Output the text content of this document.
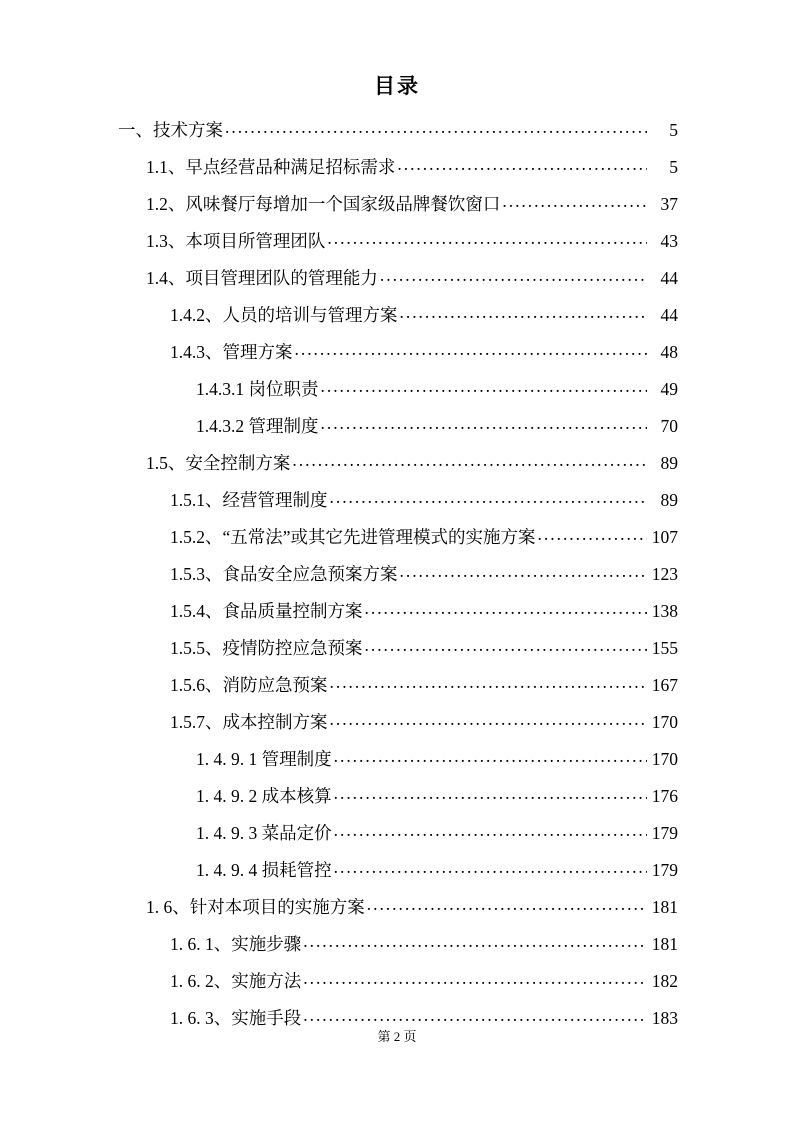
目录
一、技术方案 . . .	5
1.1、早点经营品种满足招标需求 . . .	5
1.2、风味餐厅每增加一个国家级品牌餐饮窗口 . . .	37
1.3、本项目所管理团队 . . .	43
1.4、项目管理团队的管理能力 . . .	44
1.4.2、人员的培训与管理方案 . . .	44
1.4.3、管理方案 . . .	48
1.4.3.1 岗位职责 . . .	49
1.4.3.2 管理制度 . . .	70
1.5、安全控制方案 . . .	89
1.5.1、经营管理制度 . . .	89
1.5.2、“五常法”或其它先进管理模式的实施方案 . . .	107
1.5.3、食品安全应急预案方案 . . .	123
1.5.4、食品质量控制方案 . . .	138
1.5.5、疫情防控应急预案 . . .	155
1.5.6、消防应急预案 . . .	167
1.5.7、成本控制方案 . . .	170
1. 4. 9. 1 管理制度 . . .	170
1. 4. 9. 2 成本核算 . . .	176
1. 4. 9. 3 菜品定价 . . .	179
1. 4. 9. 4 损耗管控 . . .	179
1. 6、针对本项目的实施方案 . . .	181
1. 6. 1、实施步骤 . . .	181
1. 6. 2、实施方法 . . .	182
1. 6. 3、实施手段 . . .	183
第 2 页
